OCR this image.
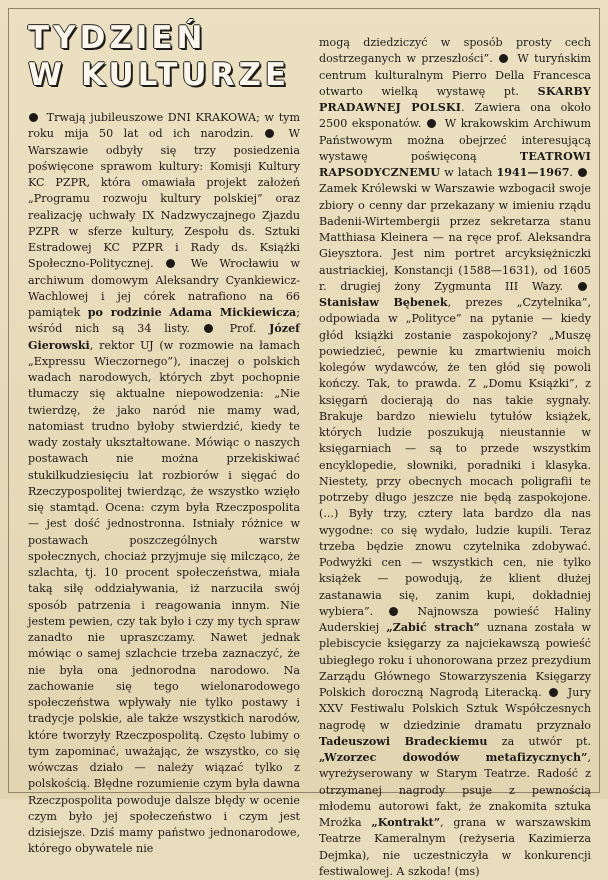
TYDZIEŃ
W KULTURZE

Trwają jubileuszowe DNI KRAKOWA; w tym roku mija 50 lat od ich narodzin.	W Warszawie odbyły się trzy posiedzenia poświęcone sprawom kultury: Komisji Kultury KC PZPR, która omawiała projekt założeń „Programu rozwoju kultury polskiej” oraz realizację uchwały IX Nadzwyczajnego Zjazdu PZPR w sferze kultury, Zespołu ds. Sztuki Estradowej KC PZPR i Rady ds. Książki Społeczno-Politycznej.	We Wrocławiu w archiwum domowym Aleksandry Cyankiewicz-Wachlowej i jej córek natrafiono na 66 pamiątek po rodzinie Adama Mickiewicza; wśród nich są 34 listy.	Prof. Józef Gierowski, rektor UJ (w rozmowie na łamach „Expressu Wieczornego”), inaczej o polskich wadach narodowych, których zbyt pochopnie tłumaczy się aktualne niepowodzenia: „Nie twierdzę, że jako naród nie mamy wad, natomiast trudno byłoby stwierdzić, kiedy te wady zostały ukształtowane. Mówiąc o naszych postawach nie można przekiskiwać stukilkudziesięciu lat rozbiorów i sięgać do Rzeczypospolitej twierdząc, że wszystko wzięło się stamtąd. Ocena: czym była Rzeczpospolita — jest dość jednostronna. Istniały różnice w postawach poszczególnych warstw społecznych, chociaż przyjmuje się milcząco, że szlachta, tj. 10 procent społeczeństwa, miała taką siłę oddziaływania, iż narzuciła swój sposób patrzenia i reagowania innym. Nie jestem pewien, czy tak było i czy my tych spraw zanadto nie upraszczamy. Nawet jednak mówiąc o samej szlachcie trzeba zaznaczyć, że nie była ona jednorodna narodowo. Na zachowanie się tego wielonarodowego społeczeństwa wpływały nie tylko postawy i tradycje polskie, ale także wszystkich narodów, które tworzyły Rzeczpospolitą. Często lubimy o tym zapominać, uważając, że wszystko, co się wówczas działo — należy wiązać tylko z polskością. Błędne rozumienie czym była dawna Rzeczpospolita powoduje dalsze błędy w ocenie czym było jej społeczeństwo i czym jest dzisiejsze. Dziś mamy państwo jednonarodowe, którego obywatele nie

mogą dziedziczyć w sposób prosty cech dostrzeganych w przeszłości”. W turyńskim centrum kulturalnym Pierro Della Francesca otwarto wielką wystawę pt. SKARBY PRADAWNEJ POLSKI. Zawiera ona około 2500 eksponatów. W krakowskim Archiwum Państwowym można obejrzeć interesującą wystawę poświęconą TEATROWI RAPSODYCZNEMU w latach 1941—1967.  Zamek Królewski w Warszawie wzbogacił swoje zbiory o cenny dar przekazany w imieniu rządu Badenii-Wirtembergii przez sekretarza stanu Matthiasa Kleinera — na ręce prof. Aleksandra Gieysztora. Jest nim portret arcyksiężniczki austriackiej, Konstancji (1588—1631), od 1605 r. drugiej żony Zygmunta III Wazy.  Stanisław Bębenek, prezes „Czytelnika”, odpowiada w „Polityce” na pytanie — kiedy głód książki zostanie zaspokojony? „Muszę powiedzieć, pewnie ku zmartwieniu moich kolegów wydawców, że ten głód się powoli kończy. Tak, to prawda. Z „Domu Książki”, z księgarń docierają do nas takie sygnały. Brakuje bardzo niewielu tytułów książek, których ludzie poszukują nieustannie w księgarniach — są to przede wszystkim encyklopedie, słowniki, poradniki i klasyka. Niestety, przy obecnych mocach poligrafii te potrzeby długo jeszcze nie będą zaspokojone. (...) Były trzy, cztery lata bardzo dla nas wygodne: co się wydało, ludzie kupili. Teraz trzeba będzie znowu czytelnika zdobywać. Podwyżki cen — wszystkich cen, nie tylko książek — powodują, że klient dłużej zastanawia się, zanim kupi, dokładniej wybiera”.	Najnowsza powieść Haliny Auderskiej „Zabić strach” uznana została w plebiscycie księgarzy za najciekawszą powieść ubiegłego roku i uhonorowana przez prezydium Zarządu Głównego Stowarzyszenia Księgarzy Polskich doroczną Nagrodą Literacką. Jury XXV Festiwalu Polskich Sztuk Współczesnych nagrodę w dziedzinie dramatu przyznało Tadeuszowi Bradeckiemu za utwór pt. „Wzorzec dowodów metafizycznych”, wyreżyserowany w Starym Teatrze. Radość z otrzymanej nagrody psuje z pewnością młodemu autorowi fakt, że znakomita sztuka Mrożka „Kontrakt”, grana w warszawskim Teatrze Kameralnym (reżyseria Kazimierza Dejmka), nie uczestniczyła w konkurencji festiwalowej. A szkoda! (ms)
